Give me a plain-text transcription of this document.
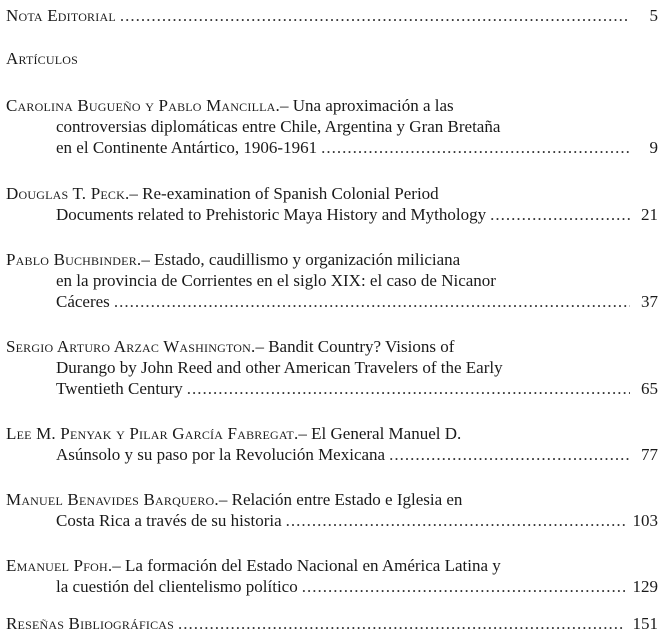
Nota Editorial .....	5
Artículos
Carolina Bugueño y Pablo Mancilla.– Una aproximación a las
controversias diplomáticas entre Chile, Argentina y Gran Bretaña
en el Continente Antártico, 1906-1961 .....	9
Douglas T. Peck.– Re-examination of Spanish Colonial Period
Documents related to Prehistoric Maya History and Mythology .....	21
Pablo Buchbinder.– Estado, caudillismo y organización miliciana
en la provincia de Corrientes en el siglo XIX: el caso de Nicanor
Cáceres .....	37
Sergio Arturo Arzac Washington.– Bandit Country? Visions of
Durango by John Reed and other American Travelers of the Early
Twentieth Century .....	65
Lee M. Penyak y Pilar García Fabregat.– El General Manuel D.
Asúnsolo y su paso por la Revolución Mexicana .....	77
Manuel Benavides Barquero.– Relación entre Estado e Iglesia en
Costa Rica a través de su historia .....	103
Emanuel Pfoh.– La formación del Estado Nacional en América Latina y
la cuestión del clientelismo político .....	129
Reseñas Bibliográficas .....	151
